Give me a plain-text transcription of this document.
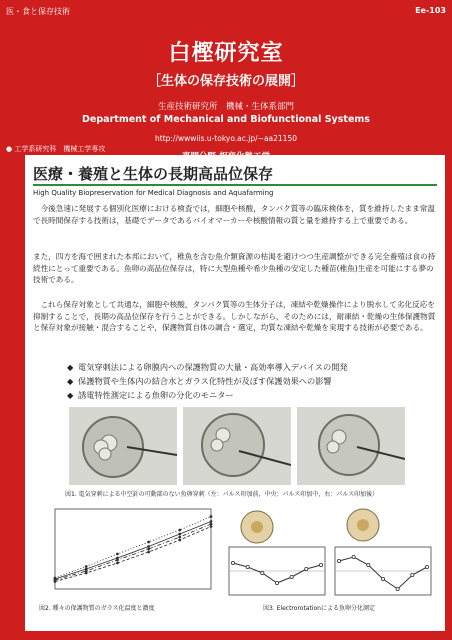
医・食と保存技術	Ee-103
白樫研究室
［生体の保存技術の展開］
生産技術研究所　機械・生体系部門
Department of Mechanical and Biofunctional Systems
http://wwwiis.u-tokyo.ac.jp/~aa21150
● 工学系研究科　機械工学専攻
医療・養殖と生体の長期高品位保存
High Quality Biopreservation for Medical Diagnosis and Aquafarming
　今後急速に発展する個別化医療における検査では，細胞や核酸，タンパク質等の臨床検体を，質を維持したまま常温で長時間保存する技術は，基礎でデータであるバイオマーカーや核酸情報の質と量を維持する上で重要である。
また，四方を海で囲まれた本邦において，稚魚を含む魚介類資源の枯渇を避けつつ生産調整ができる完全養殖は食の持続性にとって重要である。魚卵の高品位保存は，特に大型魚種や希少魚種の安定した種苗(稚魚)生産を可能にする夢の技術である。
　これら保存対象として共通な，細胞や核酸，タンパク質等の生体分子は，凍結や乾燥操作により脱水して劣化反応を抑制することで，長期の高品位保存を行うことができる。しかしながら，そのためには，耐凍結・乾燥の生体保護物質と保存対象が接触・混合することや，保護物質自体の調合・選定，均質な凍結や乾燥を実現する技術が必要である。
◆ 電気穿刺法による卵膜内への保護物質の大量・高効率導入デバイスの開発
◆ 保護物質や生体内の結合水とガラス化特性が及ぼす保護効果への影響
◆ 誘電特性測定による魚卵の分化のモニター
図1. 電気穿刺による中空針の可動部のない魚卵穿刺（左：パルス印加前，中央：パルス印加中，右：パルス印加後）
図2. 種々の保護物質のガラス化温度と濃度	図3. Electrorotationによる魚卵分化測定
